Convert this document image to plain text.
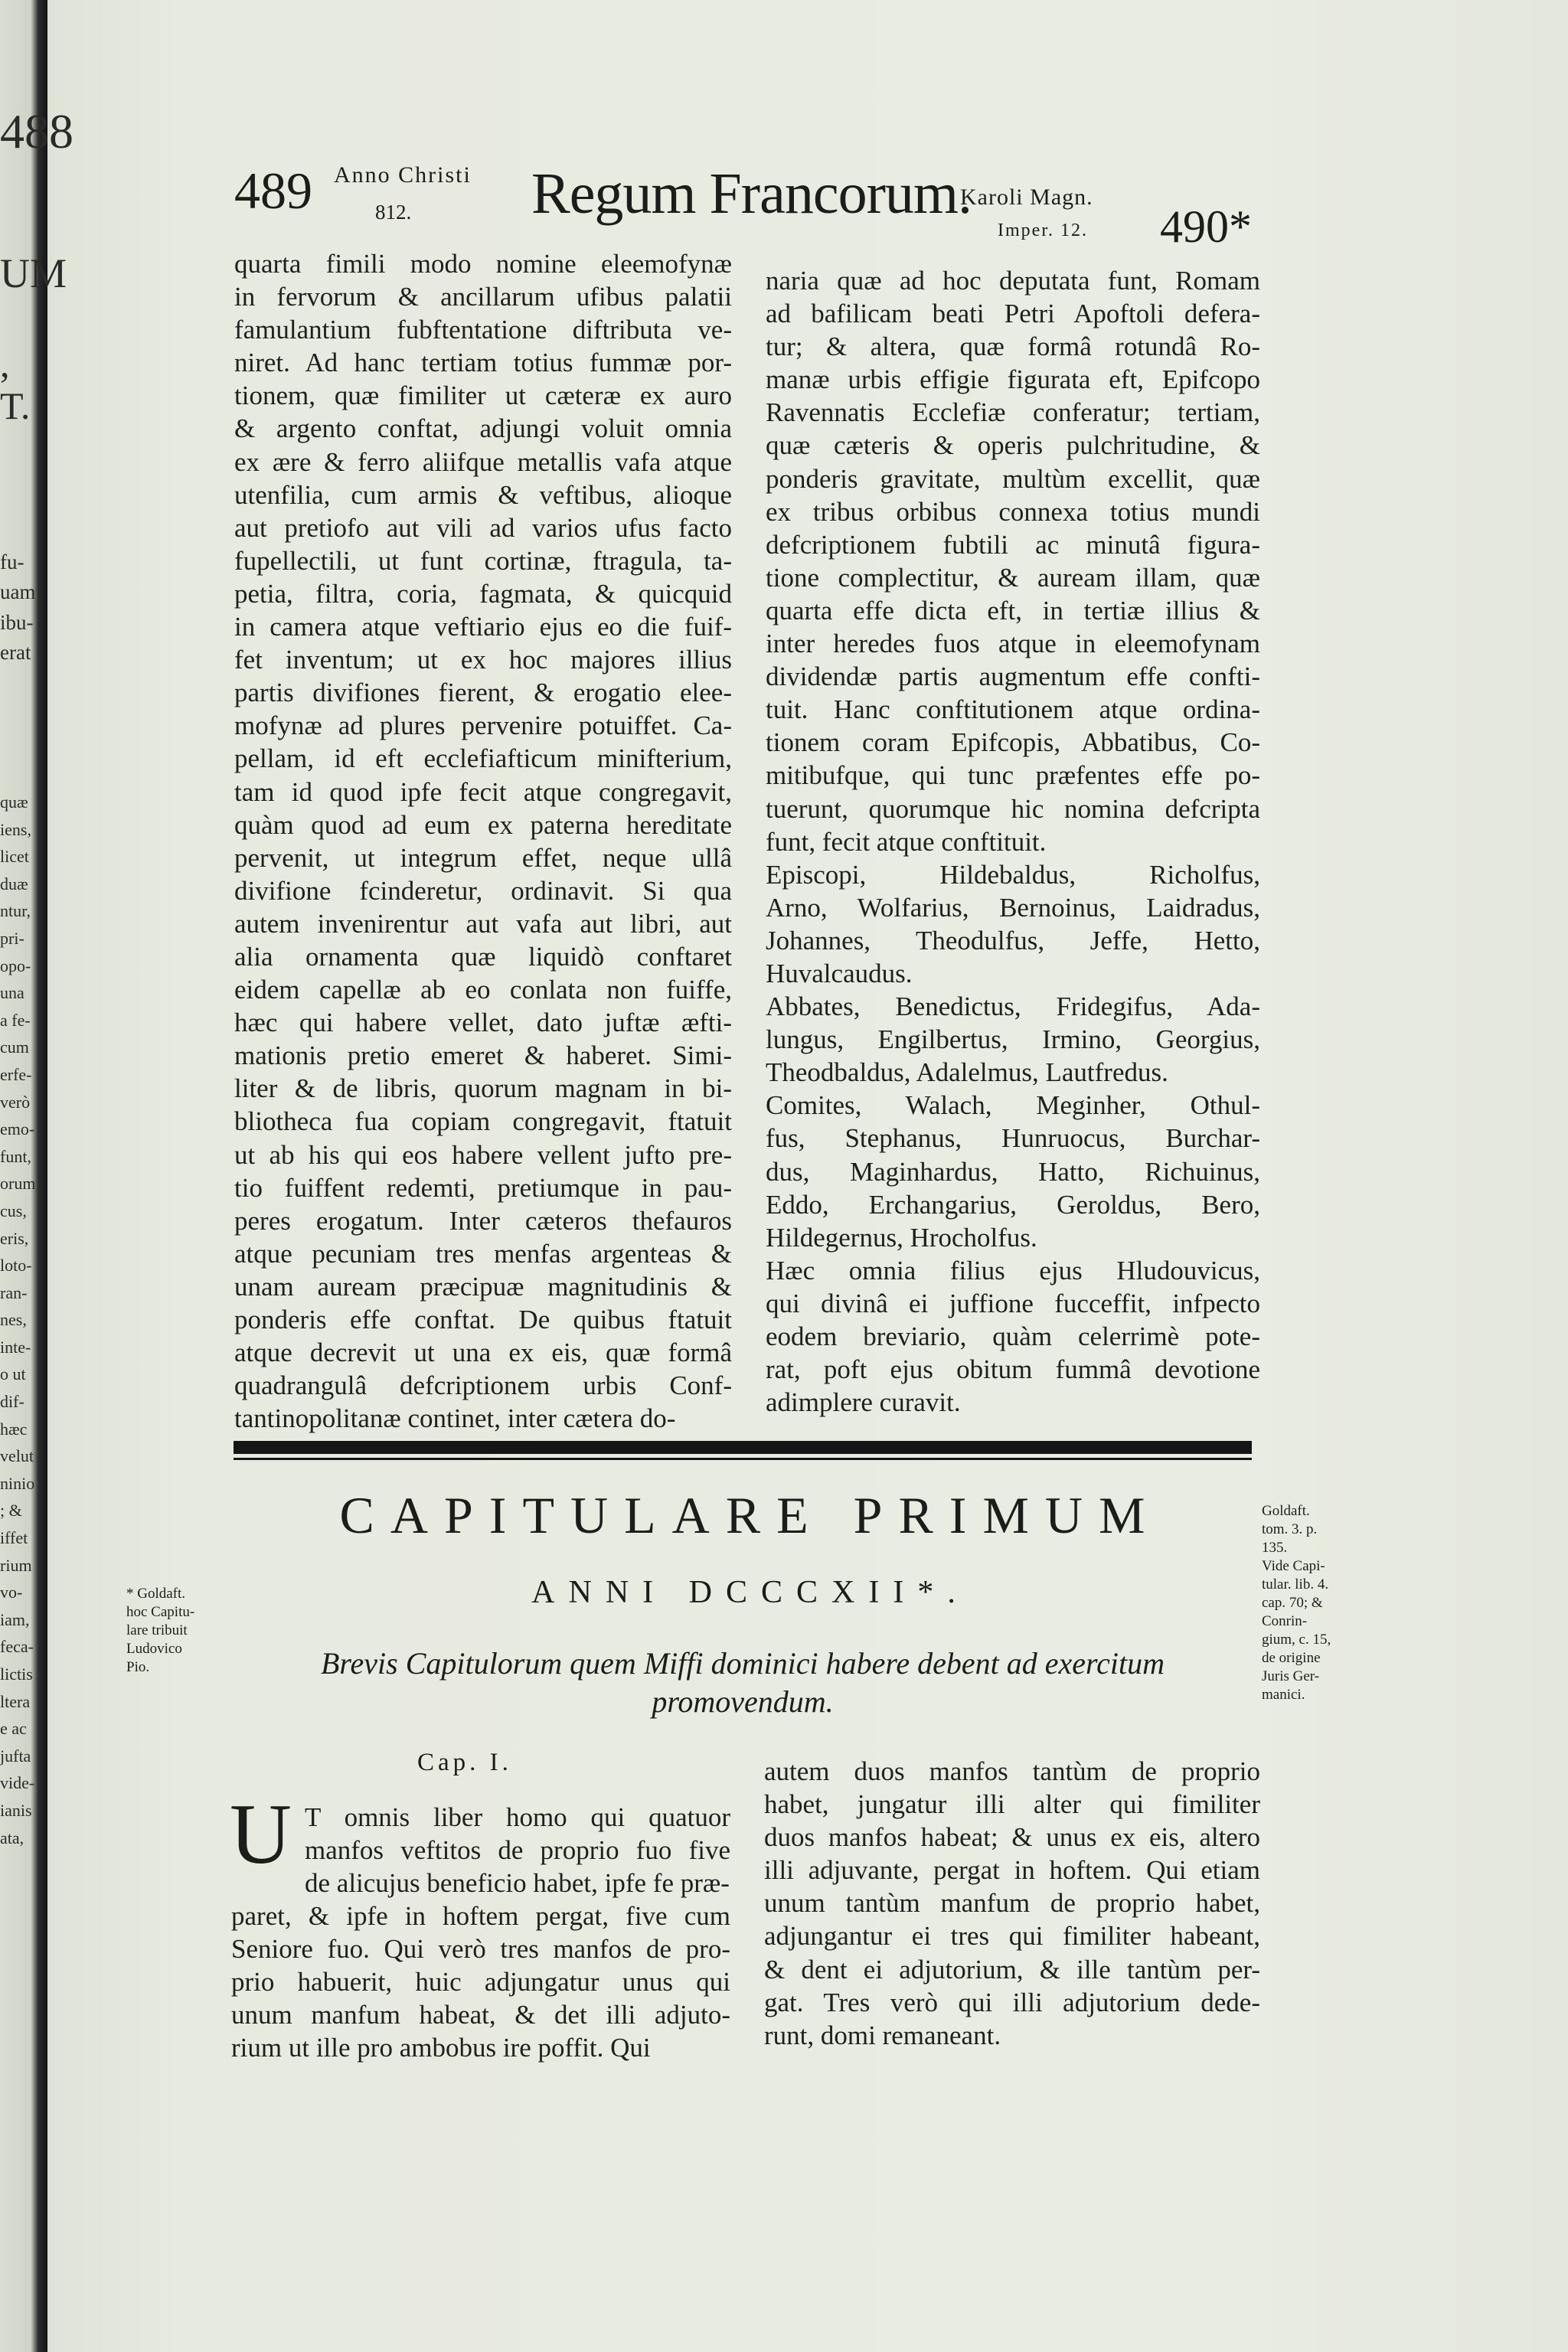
488
UM
,
T.
fu-
uam
ibu-
erat
quæ
iens,
licet
duæ
ntur,
pri-
opo-
una
a fe-
cum
erfe-
verò
emo-
funt,
orum
cus,
eris,
loto-
ran-
nes,
inte-
o ut
dif-
hæc
velut
ninio
; &
iffet
rium
vo-
iam,
feca-
lictis
ltera
e ac
jufta
vide-
ianis
ata,
489 Anno Christi
812. Regum Francorum.
Karoli Magn.
Imper. 12. 490*
quarta fimili modo nomine eleemofynæ
in fervorum & ancillarum ufibus palatii
famulantium fubftentatione diftributa ve-
niret. Ad hanc tertiam totius fummæ por-
tionem, quæ fimiliter ut cæteræ ex auro
& argento conftat, adjungi voluit omnia
ex ære & ferro aliifque metallis vafa atque
utenfilia, cum armis & veftibus, alioque
aut pretiofo aut vili ad varios ufus facto
fupellectili, ut funt cortinæ, ftragula, ta-
petia, filtra, coria, fagmata, & quicquid
in camera atque veftiario ejus eo die fuif-
fet inventum; ut ex hoc majores illius
partis divifiones fierent, & erogatio elee-
mofynæ ad plures pervenire potuiffet. Ca-
pellam, id eft ecclefiafticum minifterium,
tam id quod ipfe fecit atque congregavit,
quàm quod ad eum ex paterna hereditate
pervenit, ut integrum effet, neque ullâ
divifione fcinderetur, ordinavit. Si qua
autem invenirentur aut vafa aut libri, aut
alia ornamenta quæ liquidò conftaret
eidem capellæ ab eo conlata non fuiffe,
hæc qui habere vellet, dato juftæ æfti-
mationis pretio emeret & haberet. Simi-
liter & de libris, quorum magnam in bi-
bliotheca fua copiam congregavit, ftatuit
ut ab his qui eos habere vellent jufto pre-
tio fuiffent redemti, pretiumque in pau-
peres erogatum. Inter cæteros thefauros
atque pecuniam tres menfas argenteas &
unam auream præcipuæ magnitudinis &
ponderis effe conftat. De quibus ftatuit
atque decrevit ut una ex eis, quæ formâ
quadrangulâ defcriptionem urbis Conf-
tantinopolitanæ continet, inter cætera do-
naria quæ ad hoc deputata funt, Romam
ad bafilicam beati Petri Apoftoli defera-
tur; & altera, quæ formâ rotundâ Ro-
manæ urbis effigie figurata eft, Epifcopo
Ravennatis Ecclefiæ conferatur; tertiam,
quæ cæteris & operis pulchritudine, &
ponderis gravitate, multùm excellit, quæ
ex tribus orbibus connexa totius mundi
defcriptionem fubtili ac minutâ figura-
tione complectitur, & auream illam, quæ
quarta effe dicta eft, in tertiæ illius &
inter heredes fuos atque in eleemofynam
dividendæ partis augmentum effe confti-
tuit. Hanc conftitutionem atque ordina-
tionem coram Epifcopis, Abbatibus, Co-
mitibufque, qui tunc præfentes effe po-
tuerunt, quorumque hic nomina defcripta
funt, fecit atque conftituit.
Episcopi, Hildebaldus, Richolfus,
Arno, Wolfarius, Bernoinus, Laidradus,
Johannes, Theodulfus, Jeffe, Hetto,
Huvalcaudus.
Abbates, Benedictus, Fridegifus, Ada-
lungus, Engilbertus, Irmino, Georgius,
Theodbaldus, Adalelmus, Lautfredus.
Comites, Walach, Meginher, Othul-
fus, Stephanus, Hunruocus, Burchar-
dus, Maginhardus, Hatto, Richuinus,
Eddo, Erchangarius, Geroldus, Bero,
Hildegernus, Hrocholfus.
Hæc omnia filius ejus Hludouvicus,
qui divinâ ei juffione fucceffit, infpecto
eodem breviario, quàm celerrimè pote-
rat, poft ejus obitum fummâ devotione
adimplere curavit.
CAPITULARE PRIMUM
ANNI DCCCXII*.
Brevis Capitulorum quem Miffi dominici habere debent ad exercitum promovendum.
* Goldaft.
hoc Capitu-
lare tribuit
Ludovico
Pio.
Goldaft.
tom. 3. p.
135.
Vide Capi-
tular. lib. 4.
cap. 70; &
Conrin-
gium, c. 15,
de origine
Juris Ger-
manici.
Cap. I.
U T omnis liber homo qui quatuor
manfos veftitos de proprio fuo five
de alicujus beneficio habet, ipfe fe præ-
paret, & ipfe in hoftem pergat, five cum
Seniore fuo. Qui verò tres manfos de pro-
prio habuerit, huic adjungatur unus qui
unum manfum habeat, & det illi adjuto-
rium ut ille pro ambobus ire poffit. Qui
autem duos manfos tantùm de proprio
habet, jungatur illi alter qui fimiliter
duos manfos habeat; & unus ex eis, altero
illi adjuvante, pergat in hoftem. Qui etiam
unum tantùm manfum de proprio habet,
adjungantur ei tres qui fimiliter habeant,
& dent ei adjutorium, & ille tantùm per-
gat. Tres verò qui illi adjutorium dede-
runt, domi remaneant.
